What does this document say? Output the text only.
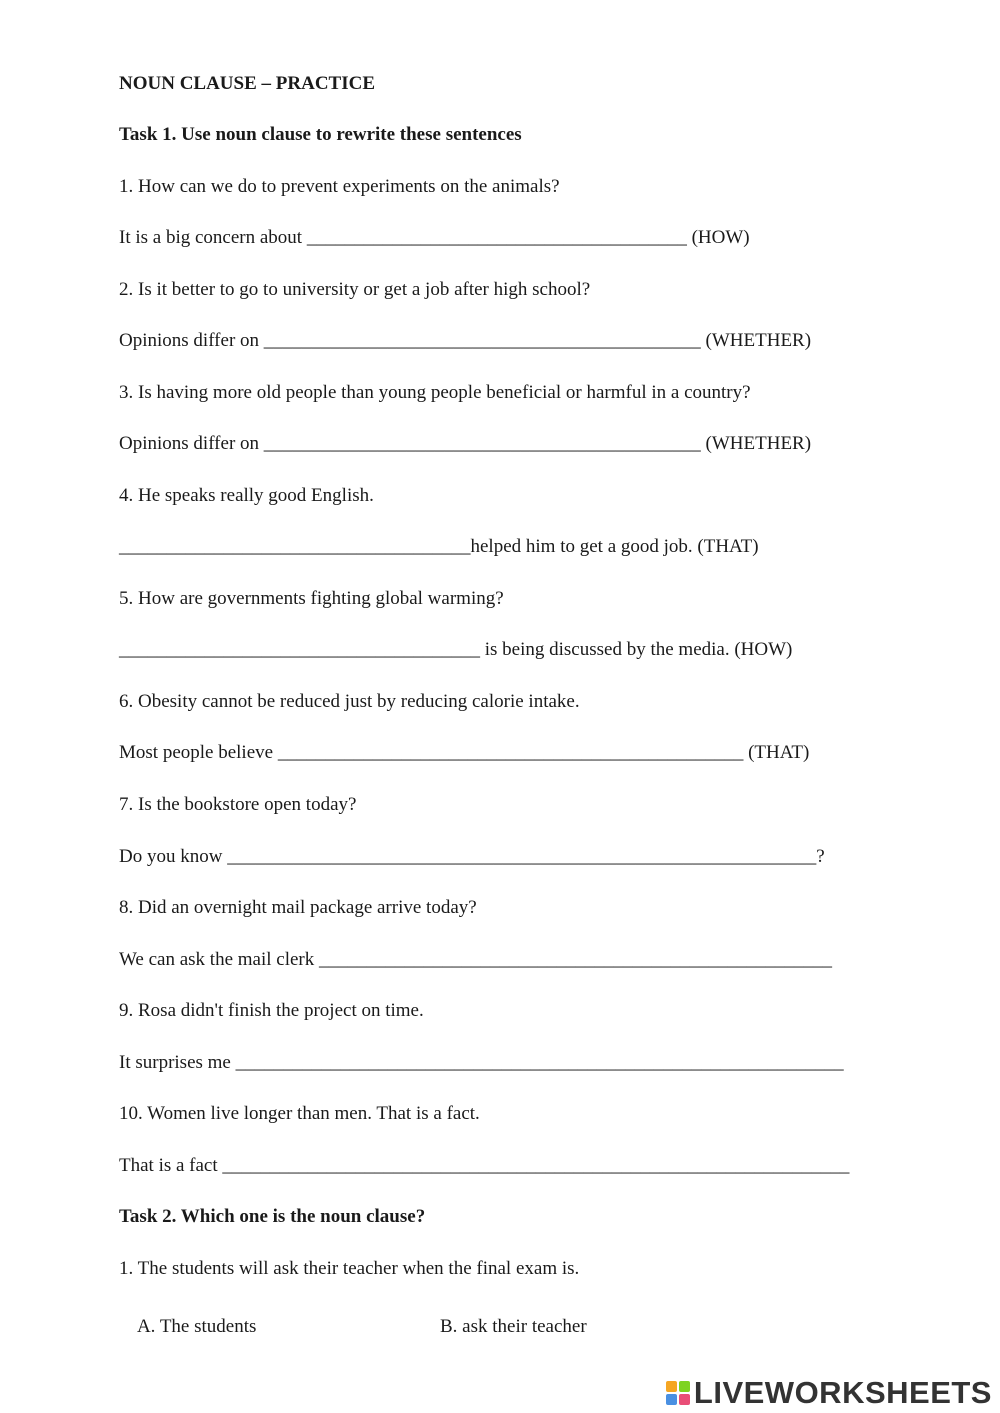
NOUN CLAUSE – PRACTICE

Task 1. Use noun clause to rewrite these sentences

1. How can we do to prevent experiments on the animals?

It is a big concern about ________________________________________ (HOW)

2. Is it better to go to university or get a job after high school?

Opinions differ on ______________________________________________ (WHETHER)

3. Is having more old people than young people beneficial or harmful in a country?

Opinions differ on ______________________________________________ (WHETHER)

4. He speaks really good English.

_____________________________________helped him to get a good job. (THAT)

5. How are governments fighting global warming?

______________________________________ is being discussed by the media. (HOW)

6. Obesity cannot be reduced just by reducing calorie intake.

Most people believe _________________________________________________ (THAT)

7. Is the bookstore open today?

Do you know ______________________________________________________________?

8. Did an overnight mail package arrive today?

We can ask the mail clerk ______________________________________________________

9. Rosa didn't finish the project on time.

It surprises me ________________________________________________________________

10. Women live longer than men. That is a fact.

That is a fact __________________________________________________________________

Task 2. Which one is the noun clause?

1. The students will ask their teacher when the final exam is.

A. The students
	B. ask their teacher

LIVEWORKSHEETS
